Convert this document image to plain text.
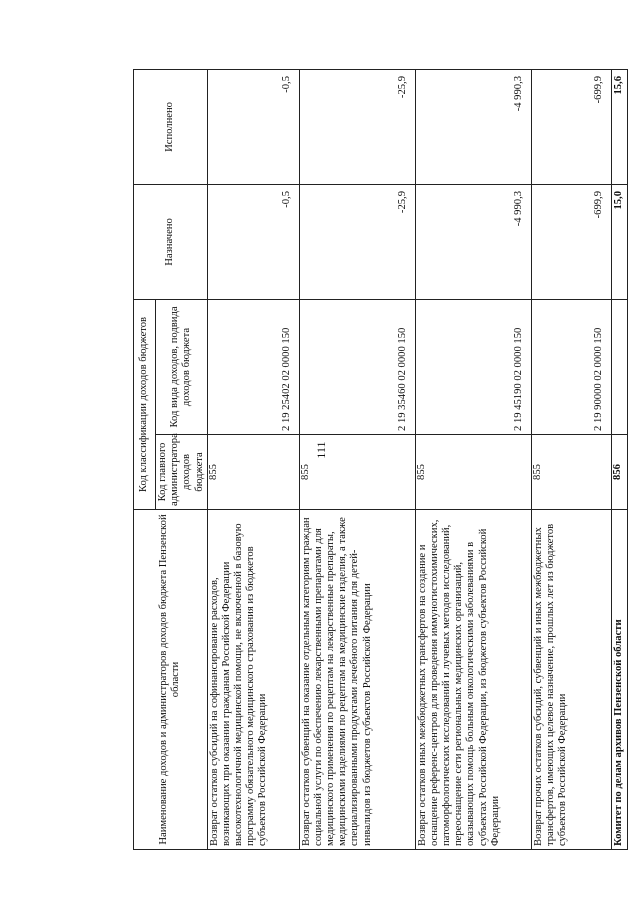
111
Наименование доходов и администраторов доходов бюджета Пензенской области	Код классификации доходов бюджетов		Назначено	Исполнено
	Код главного администратора доходов бюджета	Код вида доходов, подвида доходов бюджета		
Возврат остатков субсидий на софинансирование расходов, возникающих при оказании гражданам Российской Федерации высокотехнологичной медицинской помощи, не включенной в базовую программу обязательного медицинского страхования из бюджетов субъектов Российской Федерации	855	2 19 25402 02 0000 150	-0,5	-0,5
Возврат остатков субвенций на оказание отдельным категориям граждан социальной услуги по обеспечению лекарственными препаратами для медицинского применения по рецептам на лекарственные препараты, медицинскими изделиями по рецептам на медицинские изделия, а также специализированными продуктами лечебного питания для детей-инвалидов из бюджетов субъектов Российской Федерации	855	2 19 35460 02 0000 150	-25,9	-25,9
Возврат остатков иных межбюджетных трансфертов на создание и оснащение референс-центров для проведения иммуногистохимических, патоморфологических исследований и лучевых методов исследований, переоснащение сети региональных медицинских организаций, оказывающих помощь больным онкологическими заболеваниями в субъектах Российской Федерации, из бюджетов субъектов Российской Федерации	855	2 19 45190 02 0000 150	-4 990,3	-4 990,3
Возврат прочих остатков субсидий, субвенций и иных межбюджетных трансфертов, имеющих целевое назначение, прошлых лет из бюджетов субъектов Российской Федерации	855	2 19 90000 02 0000 150	-699,9	-699,9
Комитет по делам архивов Пензенской области	856		15,0	15,6
